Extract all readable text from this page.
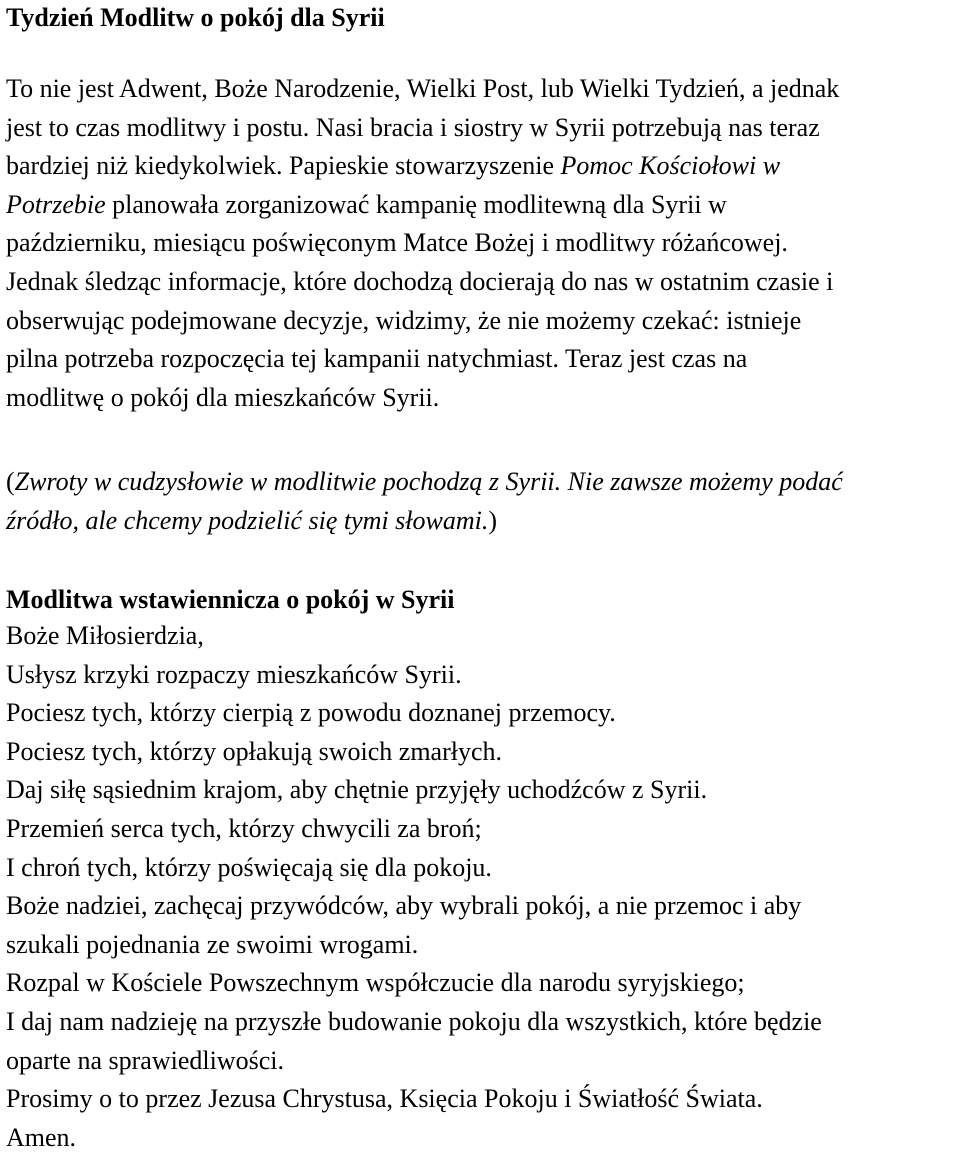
Tydzień Modlitw o pokój dla Syrii

To nie jest Adwent, Boże Narodzenie, Wielki Post, lub Wielki Tydzień, a jednak
jest to czas modlitwy i postu. Nasi bracia i siostry w Syrii potrzebują nas teraz
bardziej niż kiedykolwiek. Papieskie stowarzyszenie Pomoc Kościołowi w
Potrzebie planowała zorganizować kampanię modlitewną dla Syrii w
październiku, miesiącu poświęconym Matce Bożej i modlitwy różańcowej.
Jednak śledząc informacje, które dochodzą docierają do nas w ostatnim czasie i
obserwując podejmowane decyzje, widzimy, że nie możemy czekać: istnieje
pilna potrzeba rozpoczęcia tej kampanii natychmiast. Teraz jest czas na
modlitwę o pokój dla mieszkańców Syrii.

(Zwroty w cudzysłowie w modlitwie pochodzą z Syrii. Nie zawsze możemy podać
źródło, ale chcemy podzielić się tymi słowami.)

Modlitwa wstawiennicza o pokój w Syrii

Boże Miłosierdzia,
Usłysz krzyki rozpaczy mieszkańców Syrii.
Pociesz tych, którzy cierpią z powodu doznanej przemocy.
Pociesz tych, którzy opłakują swoich zmarłych.
Daj siłę sąsiednim krajom, aby chętnie przyjęły uchodźców z Syrii.
Przemień serca tych, którzy chwycili za broń;
I chroń tych, którzy poświęcają się dla pokoju.
Boże nadziei, zachęcaj przywódców, aby wybrali pokój, a nie przemoc i aby
szukali pojednania ze swoimi wrogami.
Rozpal w Kościele Powszechnym współczucie dla narodu syryjskiego;
I daj nam nadzieję na przyszłe budowanie pokoju dla wszystkich, które będzie
oparte na sprawiedliwości.
Prosimy o to przez Jezusa Chrystusa, Księcia Pokoju i Światłość Świata.
Amen.
